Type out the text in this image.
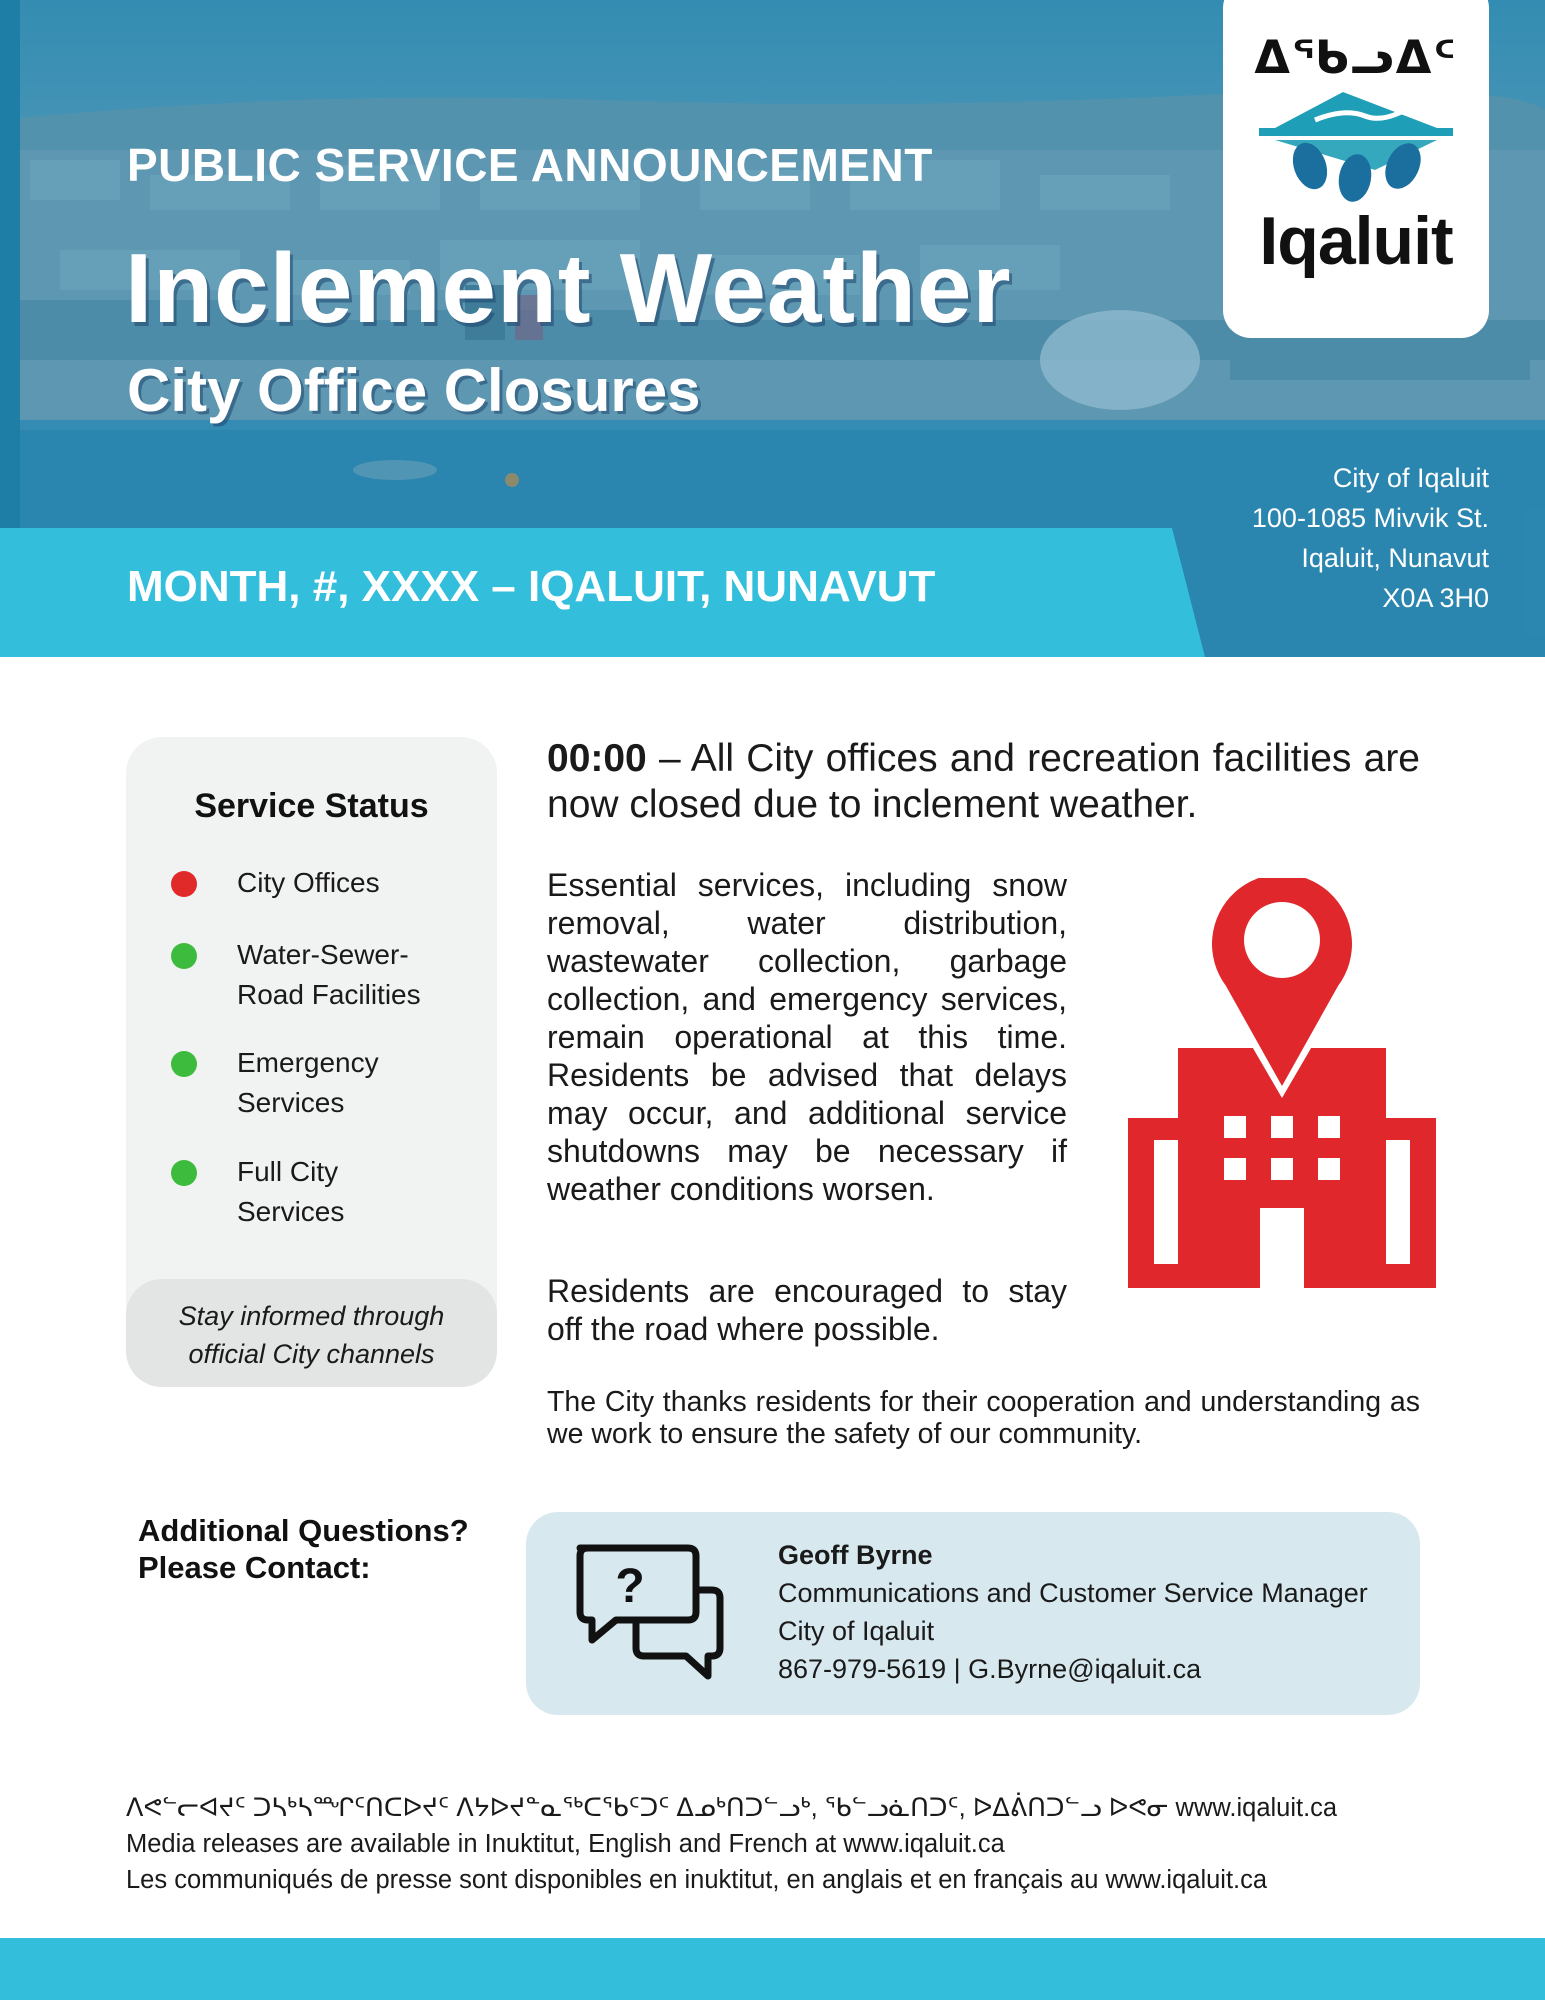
PUBLIC SERVICE ANNOUNCEMENT
Inclement Weather
City Office Closures
MONTH, #, XXXX – IQALUIT, NUNAVUT
City of Iqaluit
100-1085 Mivvik St.
Iqaluit, Nunavut
X0A 3H0
ᐃᖃᓗᐃᑦ
Iqaluit
Service Status
City Offices
Water-Sewer-Road Facilities
Emergency Services
Full City Services
Stay informed through official City channels
00:00 – All City offices and recreation facilities are now closed due to inclement weather.
Essential services, including snow removal, water distribution, wastewater collection, garbage collection, and emergency services, remain operational at this time. Residents be advised that delays may occur, and additional service shutdowns may be necessary if weather conditions worsen.
Residents are encouraged to stay off the road where possible.
The City thanks residents for their cooperation and understanding as we work to ensure the safety of our community.
Additional Questions?
Please Contact:	?
Geoff Byrne
Communications and Customer Service Manager
City of Iqaluit
867-979-5619 | G.Byrne@iqaluit.ca
ᐱᕙᓪᓕᐊᔪᑦ ᑐᓴᒃᓴᙱᑦᑎᑕᐅᔪᑦ ᐱᔭᐅᔪᓐᓇᖅᑕᖃᑦᑐᑦ ᐃᓄᒃᑎᑐᓪᓗᒃ, ᖃᓪᓗᓈᑎᑐᑦ, ᐅᐃᕖᑎᑐᓪᓗ ᐅᕙᓂ www.iqaluit.ca
Media releases are available in Inuktitut, English and French at www.iqaluit.ca
Les communiqués de presse sont disponibles en inuktitut, en anglais et en français au www.iqaluit.ca
